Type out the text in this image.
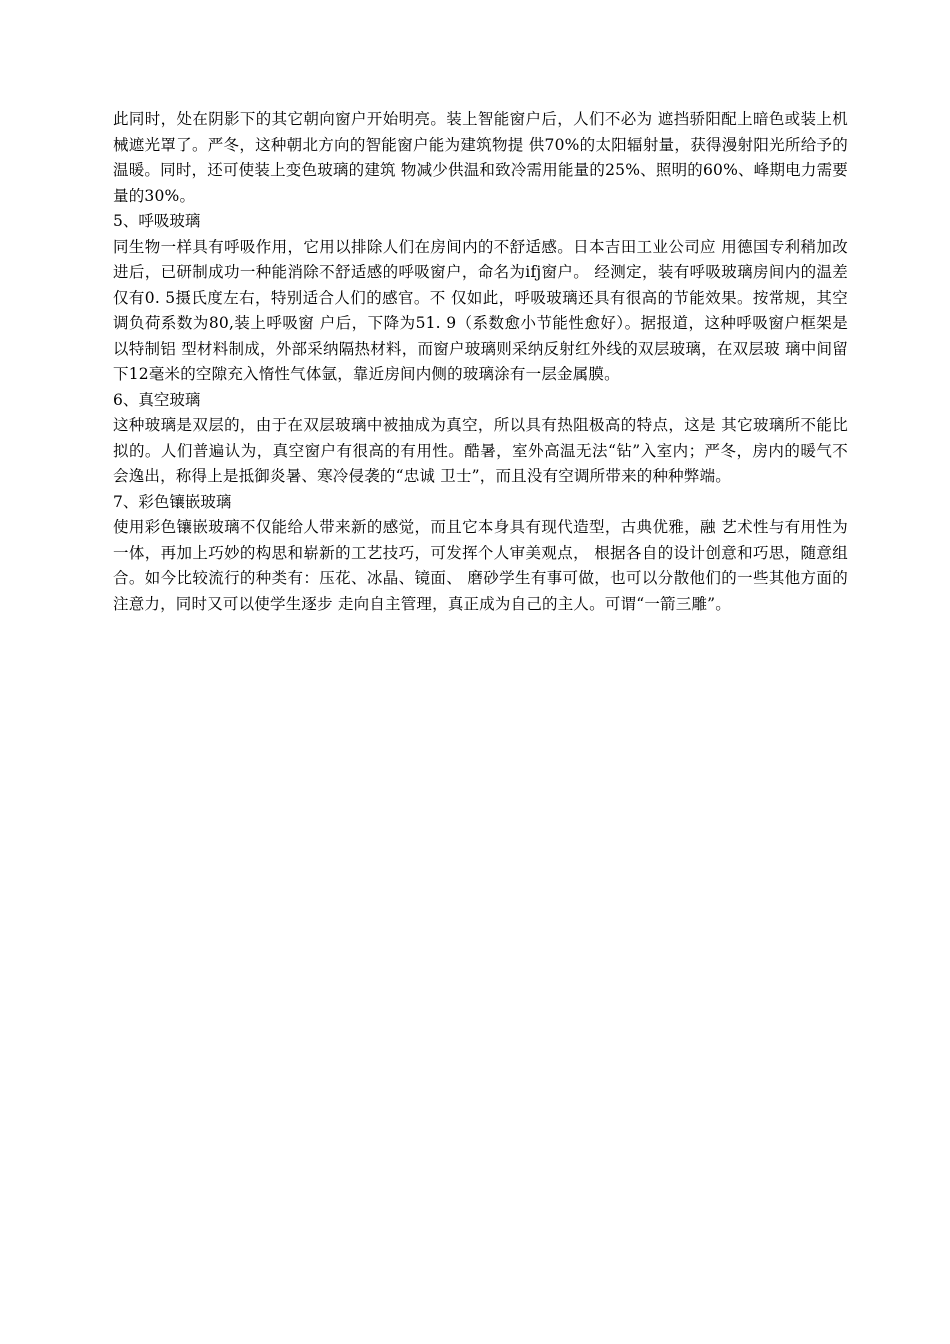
此同时，处在阴影下的其它朝向窗户开始明亮。装上智能窗户后，人们不必为 遮挡骄阳配上暗色或装上机械遮光罩了。严冬，这种朝北方向的智能窗户能为建筑物提 供70%的太阳辐射量，获得漫射阳光所给予的温暖。同时，还可使装上变色玻璃的建筑 物减少供温和致冷需用能量的25%、照明的60%、峰期电力需要量的30%。

5、呼吸玻璃

同生物一样具有呼吸作用，它用以排除人们在房间内的不舒适感。日本吉田工业公司应 用德国专利稍加改进后，已研制成功一种能消除不舒适感的呼吸窗户，命名为ifj窗户。 经测定，装有呼吸玻璃房间内的温差仅有0. 5摄氏度左右，特别适合人们的感官。不 仅如此，呼吸玻璃还具有很高的节能效果。按常规，其空调负荷系数为80,装上呼吸窗 户后，下降为51. 9（系数愈小节能性愈好）。据报道，这种呼吸窗户框架是以特制铝 型材料制成，外部采纳隔热材料，而窗户玻璃则采纳反射红外线的双层玻璃，在双层玻 璃中间留下12毫米的空隙充入惰性气体氩，靠近房间内侧的玻璃涂有一层金属膜。

6、真空玻璃

这种玻璃是双层的，由于在双层玻璃中被抽成为真空，所以具有热阻极高的特点，这是 其它玻璃所不能比拟的。人们普遍认为，真空窗户有很高的有用性。酷暑，室外高温无法“钻”入室内；严冬，房内的暖气不会逸出，称得上是抵御炎暑、寒冷侵袭的“忠诚 卫士”，而且没有空调所带来的种种弊端。

7、彩色镶嵌玻璃

使用彩色镶嵌玻璃不仅能给人带来新的感觉，而且它本身具有现代造型，古典优雅，融 艺术性与有用性为一体，再加上巧妙的构思和崭新的工艺技巧，可发挥个人审美观点， 根据各自的设计创意和巧思，随意组合。如今比较流行的种类有：压花、冰晶、镜面、 磨砂学生有事可做，也可以分散他们的一些其他方面的注意力，同时又可以使学生逐步 走向自主管理，真正成为自己的主人。可谓“一箭三雕”。
